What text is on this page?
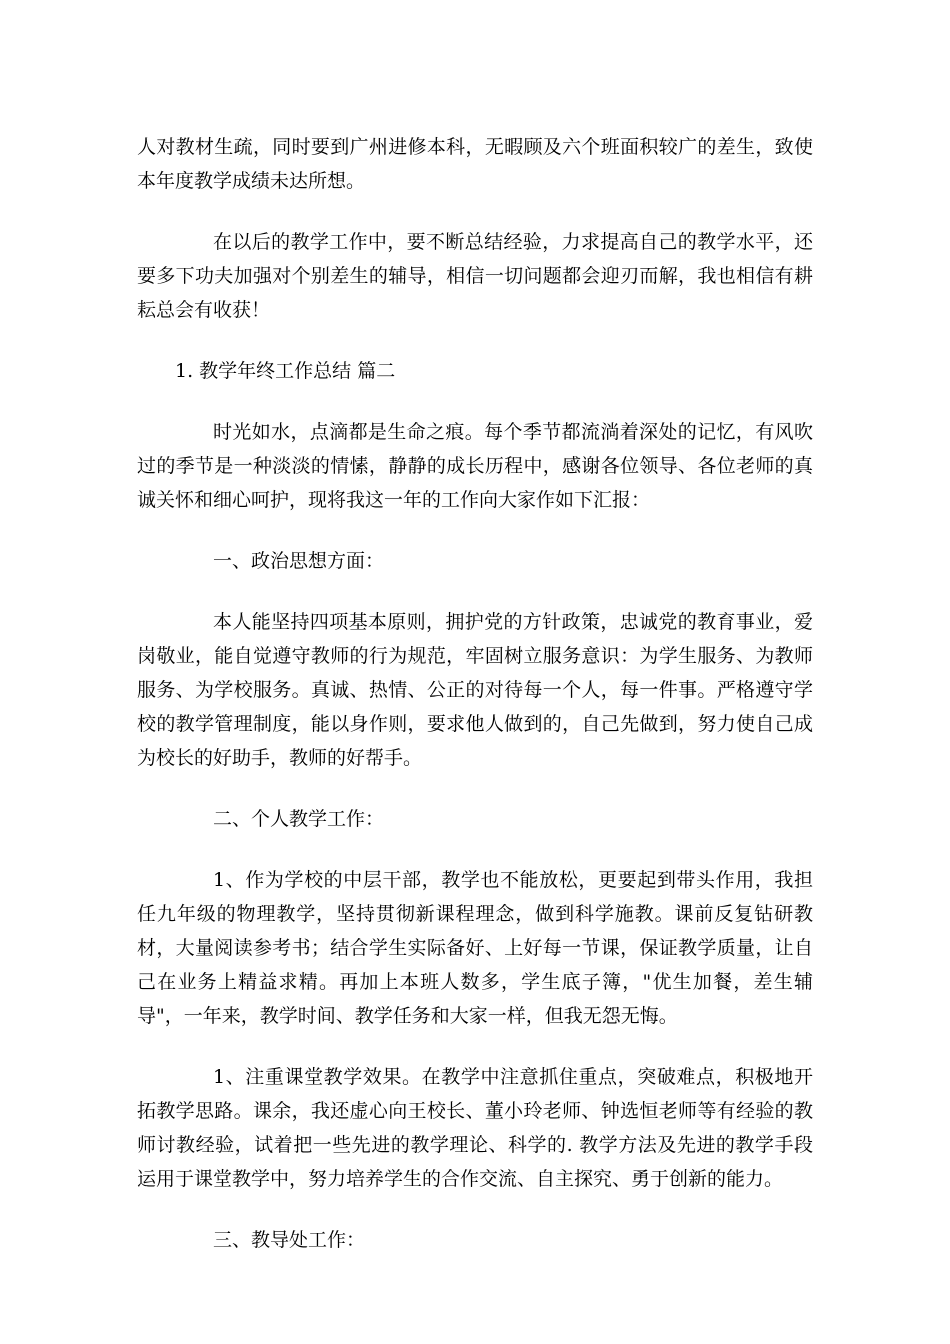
人对教材生疏，同时要到广州进修本科，无暇顾及六个班面积较广的差生，致使本年度教学成绩未达所想。

在以后的教学工作中，要不断总结经验，力求提高自己的教学水平，还要多下功夫加强对个别差生的辅导，相信一切问题都会迎刃而解，我也相信有耕耘总会有收获！

1. 教学年终工作总结 篇二

时光如水，点滴都是生命之痕。每个季节都流淌着深处的记忆，有风吹过的季节是一种淡淡的情愫，静静的成长历程中，感谢各位领导、各位老师的真诚关怀和细心呵护，现将我这一年的工作向大家作如下汇报：

一、政治思想方面：

本人能坚持四项基本原则，拥护党的方针政策，忠诚党的教育事业，爱岗敬业，能自觉遵守教师的行为规范，牢固树立服务意识：为学生服务、为教师服务、为学校服务。真诚、热情、公正的对待每一个人，每一件事。严格遵守学校的教学管理制度，能以身作则，要求他人做到的，自己先做到，努力使自己成为校长的好助手，教师的好帮手。

二、个人教学工作：

1、作为学校的中层干部，教学也不能放松，更要起到带头作用，我担任九年级的物理教学，坚持贯彻新课程理念，做到科学施教。课前反复钻研教材，大量阅读参考书；结合学生实际备好、上好每一节课，保证教学质量，让自己在业务上精益求精。再加上本班人数多，学生底子簿，"优生加餐，差生辅导"，一年来，教学时间、教学任务和大家一样，但我无怨无悔。

1、注重课堂教学效果。在教学中注意抓住重点，突破难点，积极地开拓教学思路。课余，我还虚心向王校长、董小玲老师、钟选恒老师等有经验的教师讨教经验，试着把一些先进的教学理论、科学的. 教学方法及先进的教学手段运用于课堂教学中，努力培养学生的合作交流、自主探究、勇于创新的能力。

三、教导处工作：
